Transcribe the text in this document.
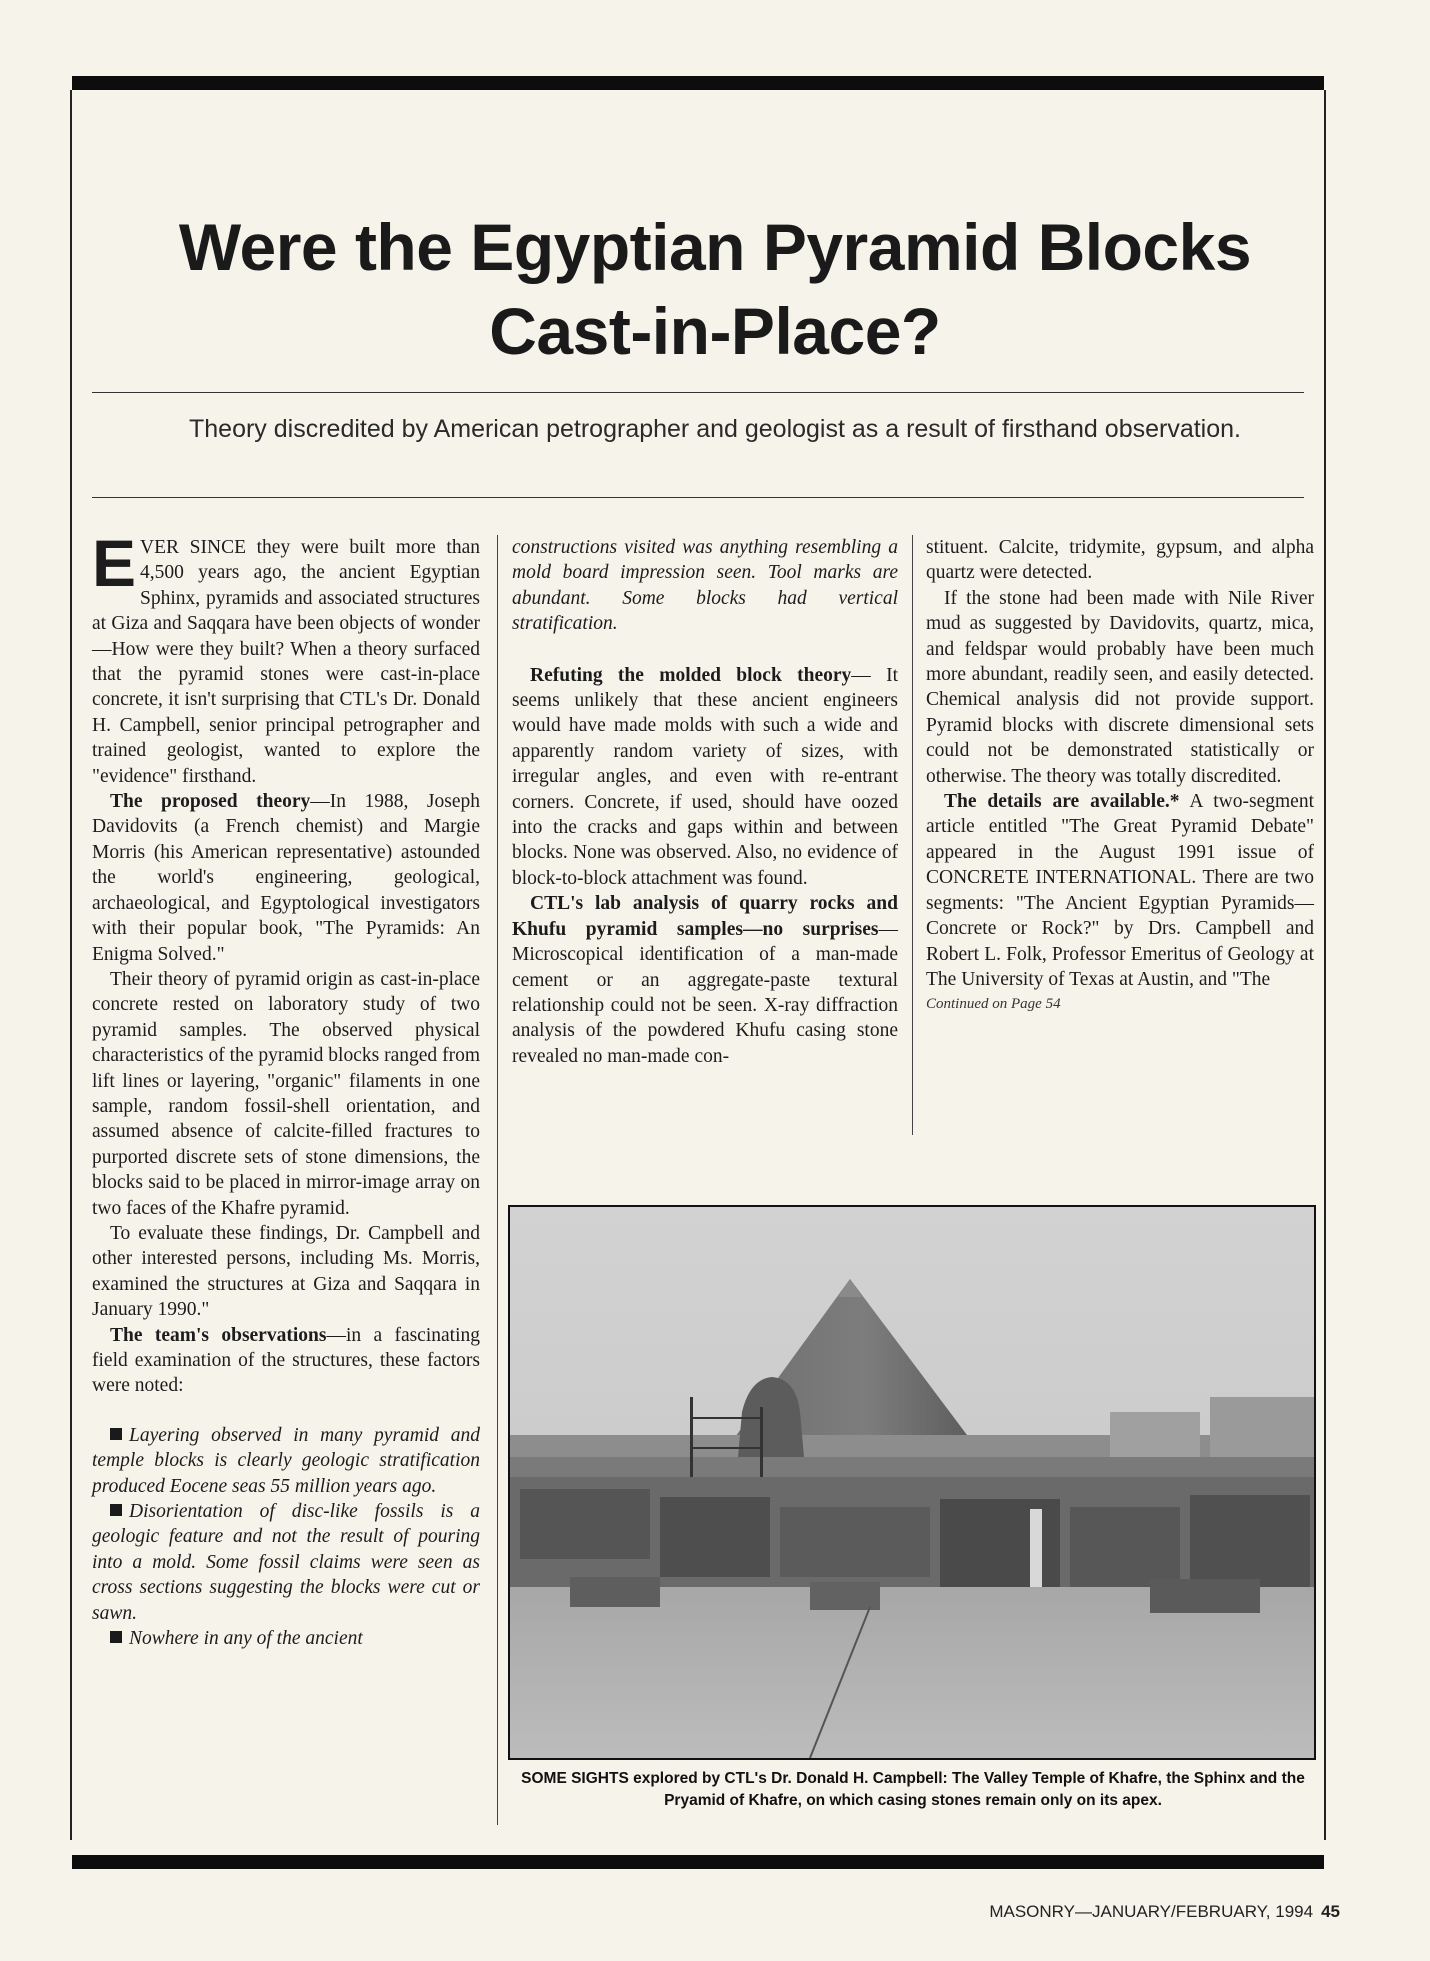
Were the Egyptian Pyramid Blocks Cast-in-Place?
Theory discredited by American petrographer and geologist as a result of firsthand observation.

EVER SINCE they were built more than 4,500 years ago, the ancient Egyptian Sphinx, pyramids and associated structures at Giza and Saqqara have been objects of wonder—How were they built? When a theory surfaced that the pyramid stones were cast-in-place concrete, it isn't surprising that CTL's Dr. Donald H. Campbell, senior principal petrographer and trained geologist, wanted to explore the "evidence" firsthand.

The proposed theory—In 1988, Joseph Davidovits (a French chemist) and Margie Morris (his American representative) astounded the world's engineering, geological, archaeological, and Egyptological investigators with their popular book, "The Pyramids: An Enigma Solved."

Their theory of pyramid origin as cast-in-place concrete rested on laboratory study of two pyramid samples. The observed physical characteristics of the pyramid blocks ranged from lift lines or layering, "organic" filaments in one sample, random fossil-shell orientation, and assumed absence of calcite-filled fractures to purported discrete sets of stone dimensions, the blocks said to be placed in mirror-image array on two faces of the Khafre pyramid.

To evaluate these findings, Dr. Campbell and other interested persons, including Ms. Morris, examined the structures at Giza and Saqqara in January 1990."

The team's observations—in a fascinating field examination of the structures, these factors were noted:

Layering observed in many pyramid and temple blocks is clearly geologic stratification produced Eocene seas 55 million years ago.

Disorientation of disc-like fossils is a geologic feature and not the result of pouring into a mold. Some fossil claims were seen as cross sections suggesting the blocks were cut or sawn.

Nowhere in any of the ancient

constructions visited was anything resembling a mold board impression seen. Tool marks are abundant. Some blocks had vertical stratification.

Refuting the molded block theory— It seems unlikely that these ancient engineers would have made molds with such a wide and apparently random variety of sizes, with irregular angles, and even with re-entrant corners. Concrete, if used, should have oozed into the cracks and gaps within and between blocks. None was observed. Also, no evidence of block-to-block attachment was found.

CTL's lab analysis of quarry rocks and Khufu pyramid samples—no surprises—Microscopical identification of a man-made cement or an aggregate-paste textural relationship could not be seen. X-ray diffraction analysis of the powdered Khufu casing stone revealed no man-made con-

stituent. Calcite, tridymite, gypsum, and alpha quartz were detected.

If the stone had been made with Nile River mud as suggested by Davidovits, quartz, mica, and feldspar would probably have been much more abundant, readily seen, and easily detected. Chemical analysis did not provide support. Pyramid blocks with discrete dimensional sets could not be demonstrated statistically or otherwise. The theory was totally discredited.

The details are available.* A two-segment article entitled "The Great Pyramid Debate" appeared in the August 1991 issue of CONCRETE INTERNATIONAL. There are two segments: "The Ancient Egyptian Pyramids—Concrete or Rock?" by Drs. Campbell and Robert L. Folk, Professor Emeritus of Geology at The University of Texas at Austin, and "The

Continued on Page 54

SOME SIGHTS explored by CTL's Dr. Donald H. Campbell: The Valley Temple of Khafre, the Sphinx and the Pryamid of Khafre, on which casing stones remain only on its apex.
MASONRY—JANUARY/FEBRUARY, 1994 45
